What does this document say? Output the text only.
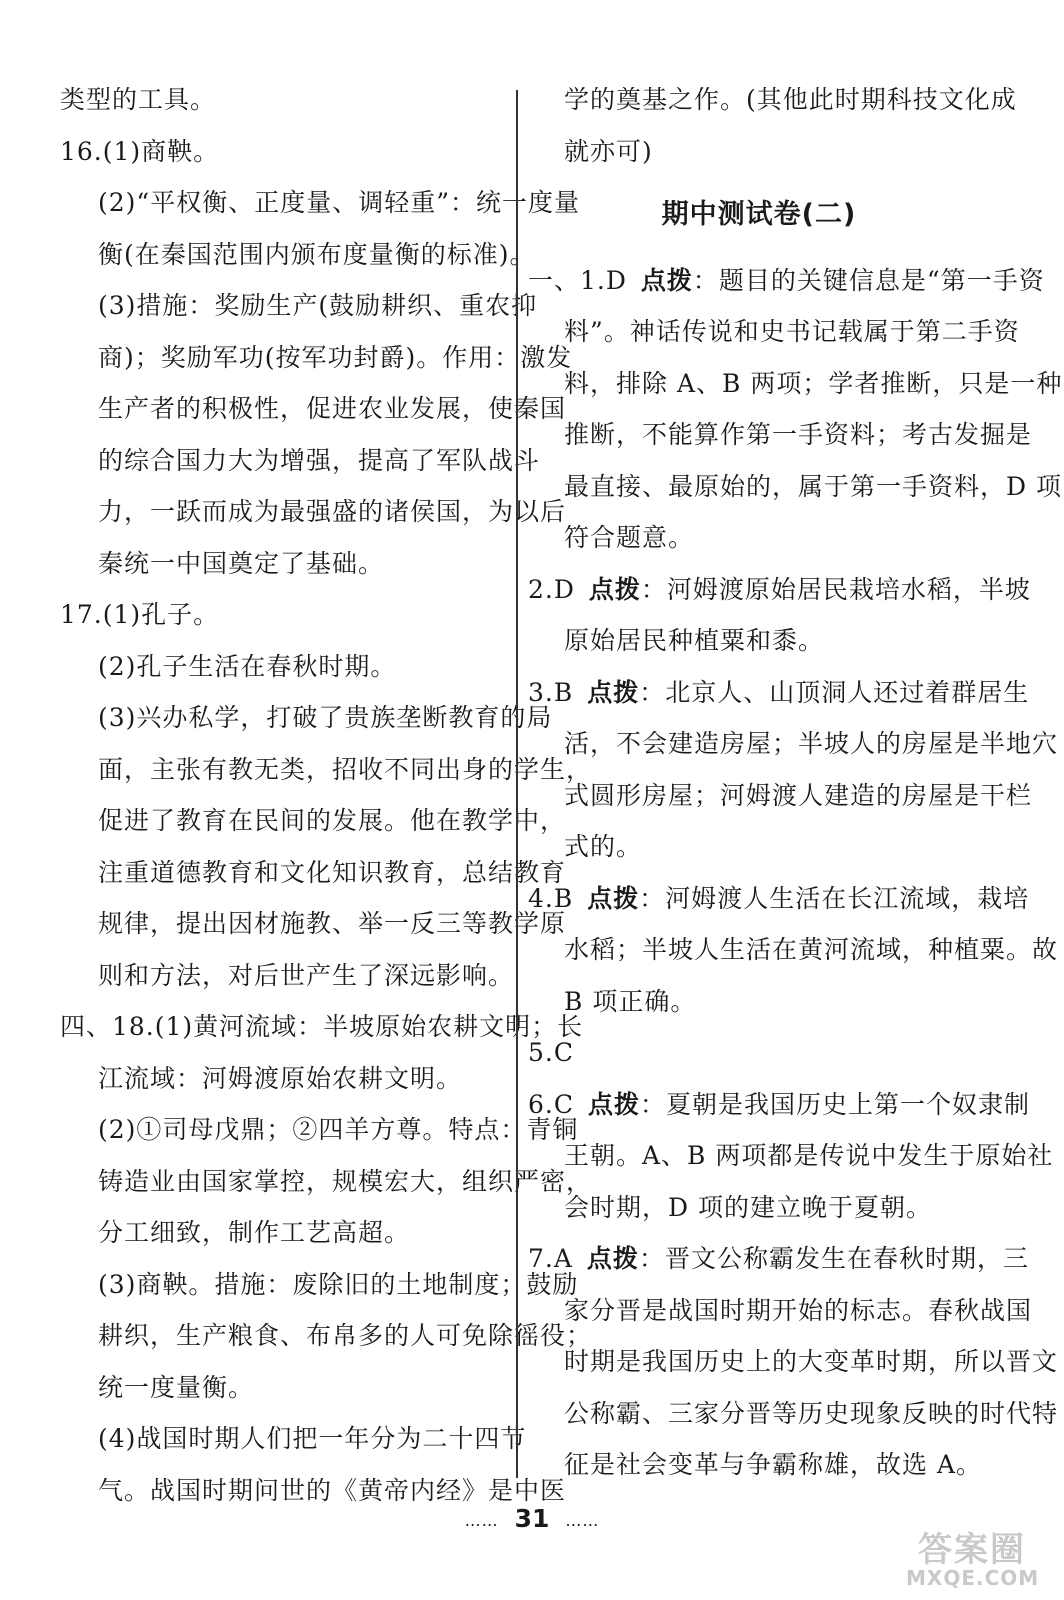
类型的工具。
16.(1)商鞅。
(2)“平权衡、正度量、调轻重”：统一度量
衡(在秦国范围内颁布度量衡的标准)。
(3)措施：奖励生产(鼓励耕织、重农抑
商)；奖励军功(按军功封爵)。作用：激发
生产者的积极性，促进农业发展，使秦国
的综合国力大为增强，提高了军队战斗
力，一跃而成为最强盛的诸侯国，为以后
秦统一中国奠定了基础。
17.(1)孔子。
(2)孔子生活在春秋时期。
(3)兴办私学，打破了贵族垄断教育的局
面，主张有教无类，招收不同出身的学生，
促进了教育在民间的发展。他在教学中，
注重道德教育和文化知识教育，总结教育
规律，提出因材施教、举一反三等教学原
则和方法，对后世产生了深远影响。
四、18.(1)黄河流域：半坡原始农耕文明；长
江流域：河姆渡原始农耕文明。
(2)①司母戊鼎；②四羊方尊。特点：青铜
铸造业由国家掌控，规模宏大，组织严密，
分工细致，制作工艺高超。
(3)商鞅。措施：废除旧的土地制度；鼓励
耕织，生产粮食、布帛多的人可免除徭役；
统一度量衡。
(4)战国时期人们把一年分为二十四节
气。战国时期问世的《黄帝内经》是中医
学的奠基之作。(其他此时期科技文化成
就亦可)
期中测试卷(二)
一、1.D 点拨：题目的关键信息是“第一手资
料”。神话传说和史书记载属于第二手资
料，排除 A、B 两项；学者推断，只是一种
推断，不能算作第一手资料；考古发掘是
最直接、最原始的，属于第一手资料，D 项
符合题意。
2.D 点拨：河姆渡原始居民栽培水稻，半坡
原始居民种植粟和黍。
3.B 点拨：北京人、山顶洞人还过着群居生
活，不会建造房屋；半坡人的房屋是半地穴
式圆形房屋；河姆渡人建造的房屋是干栏
式的。
4.B 点拨：河姆渡人生活在长江流域，栽培
水稻；半坡人生活在黄河流域，种植粟。故
B 项正确。
5.C
6.C 点拨：夏朝是我国历史上第一个奴隶制
王朝。A、B 两项都是传说中发生于原始社
会时期，D 项的建立晚于夏朝。
7.A 点拨：晋文公称霸发生在春秋时期，三
家分晋是战国时期开始的标志。春秋战国
时期是我国历史上的大变革时期，所以晋文
公称霸、三家分晋等历史现象反映的时代特
征是社会变革与争霸称雄，故选 A。
…… 31 ……
答案圈
MXQE.COM
